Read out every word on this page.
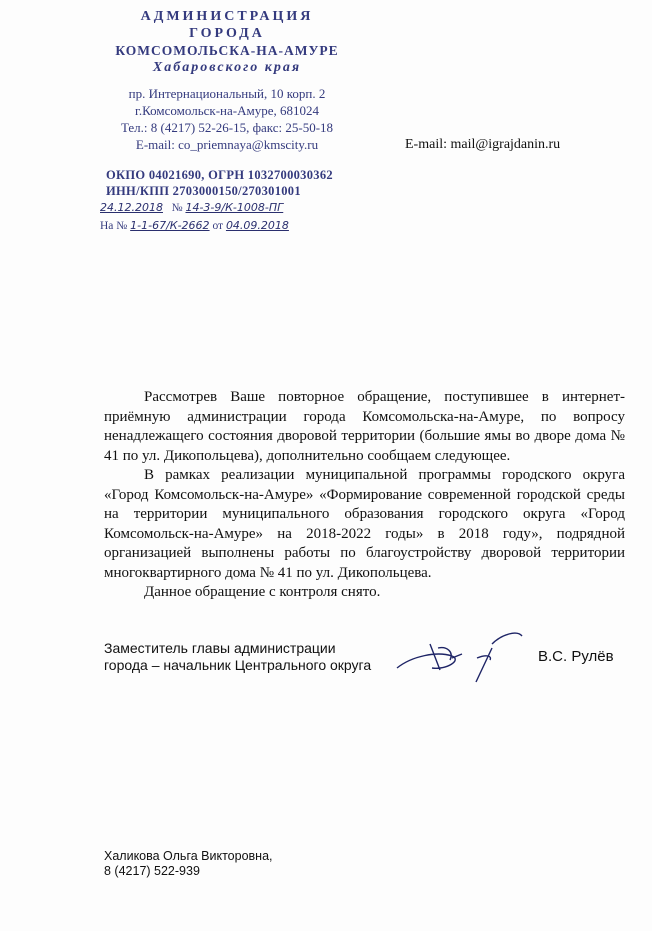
АДМИНИСТРАЦИЯ
ГОРОДА
КОМСОМОЛЬСКА-НА-АМУРЕ
Хабаровского края
пр. Интернациональный, 10 корп. 2
г.Комсомольск-на-Амуре, 681024
Тел.: 8 (4217) 52-26-15, факс: 25-50-18
E-mail: co_priemnaya@kmscity.ru
ОКПО 04021690, ОГРН 1032700030362
ИНН/КПП 2703000150/270301001
24.12.2018 № 14-3-9/К-1008-ПГ
На № 1-1-67/К-2662 от 04.09.2018
E-mail: mail@igrajdanin.ru

Рассмотрев Ваше повторное обращение, поступившее в интернет-приёмную администрации города Комсомольска-на-Амуре, по вопросу ненадлежащего состояния дворовой территории (большие ямы во дворе дома № 41 по ул. Дикопольцева), дополнительно сообщаем следующее.

В рамках реализации муниципальной программы городского округа «Город Комсомольск-на-Амуре» «Формирование современной городской среды на территории муниципального образования городского округа «Город Комсомольск-на-Амуре» на 2018-2022 годы» в 2018 году», подрядной организацией выполнены работы по благоустройству дворовой территории многоквартирного дома № 41 по ул. Дикопольцева.

Данное обращение с контроля снято.

Заместитель главы администрации
города – начальник Центрального округа	В.С. Рулёв
Халикова Ольга Викторовна,
8 (4217) 522-939
